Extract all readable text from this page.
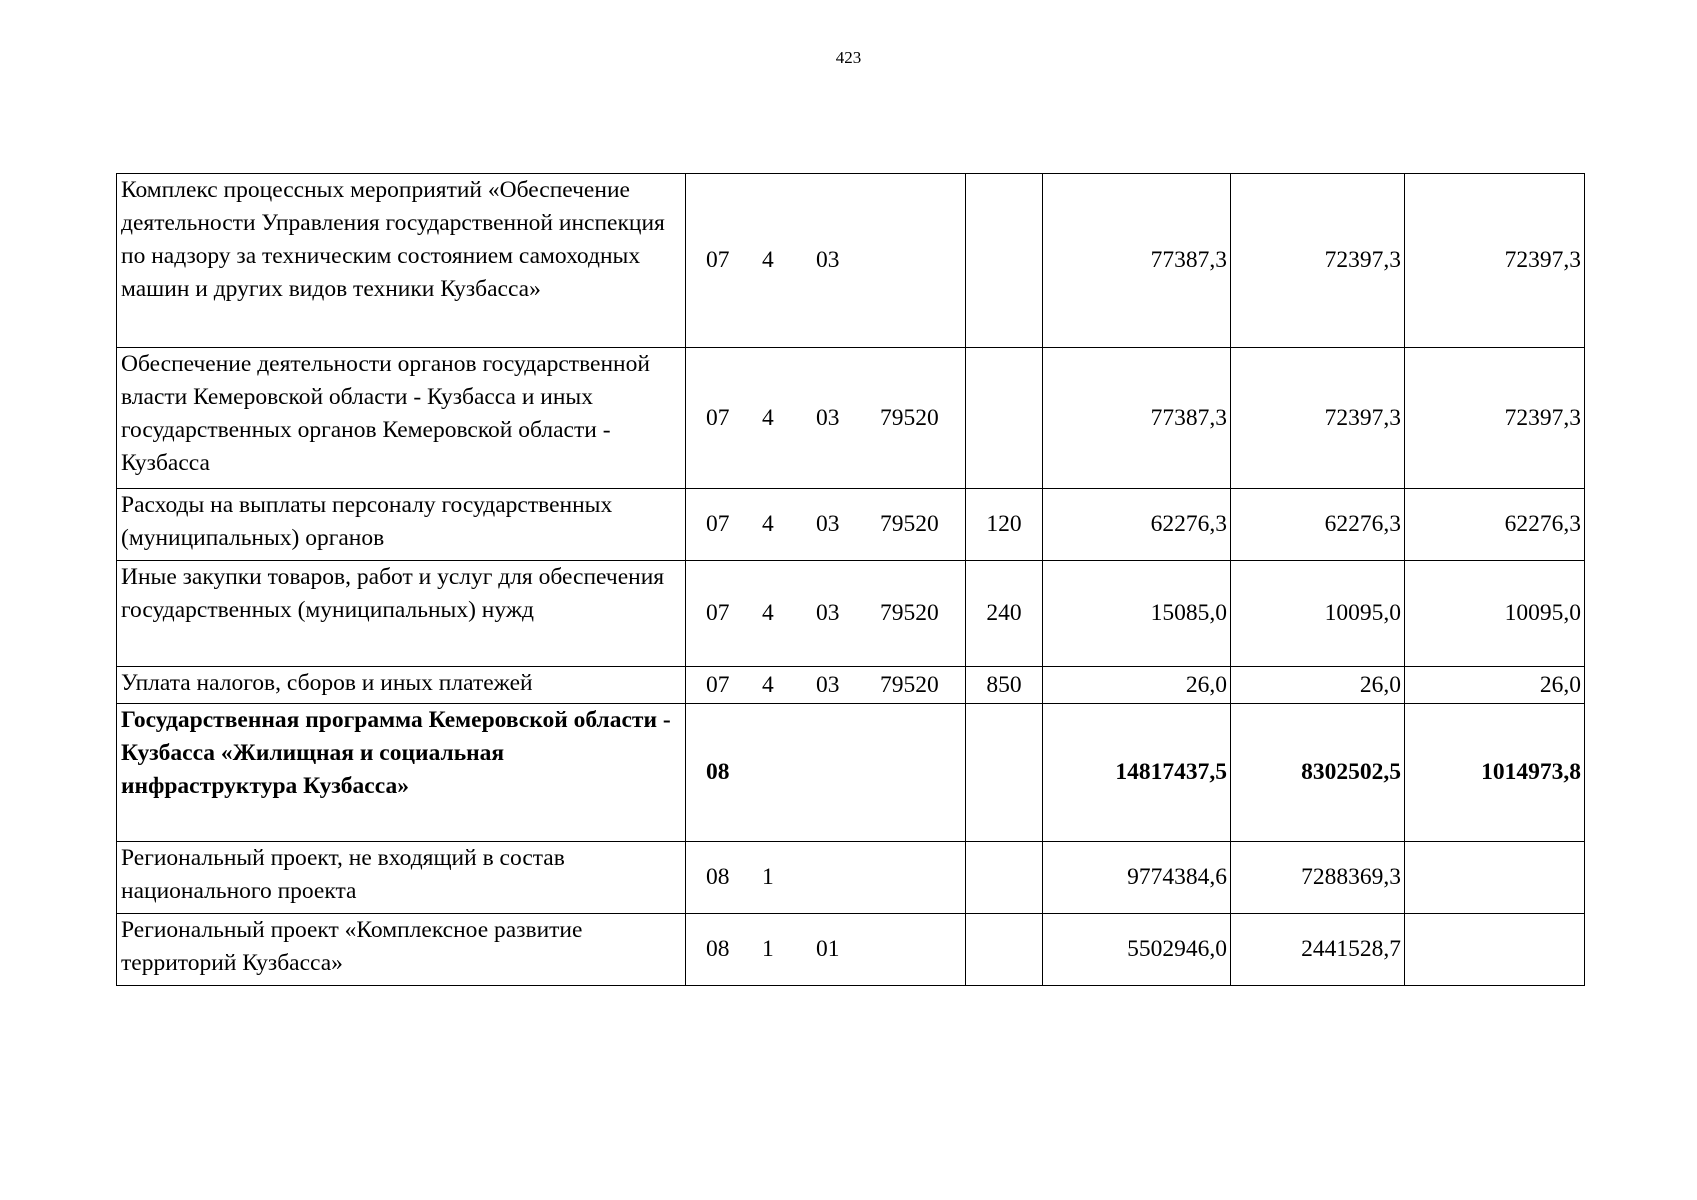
423
Комплекс процессных мероприятий «Обеспечение деятельности Управления государственной инспекция по надзору за техническим состоянием самоходных машин и других видов техники Кузбасса»	07 4 03		77387,3	72397,3	72397,3
Обеспечение деятельности органов государственной власти Кемеровской области - Кузбасса и иных государственных органов Кемеровской области - Кузбасса	07 4 03 79520		77387,3	72397,3	72397,3
Расходы на выплаты персоналу государственных (муниципальных) органов	07 4 03 79520	120	62276,3	62276,3	62276,3
Иные закупки товаров, работ и услуг для обеспечения государственных (муниципальных) нужд	07 4 03 79520	240	15085,0	10095,0	10095,0
Уплата налогов, сборов и иных платежей	07 4 03 79520	850	26,0	26,0	26,0
Государственная программа Кемеровской области - Кузбасса «Жилищная и социальная инфраструктура Кузбасса»	08		14817437,5	8302502,5	1014973,8
Региональный проект, не входящий в состав национального проекта	08 1		9774384,6	7288369,3	
Региональный проект «Комплексное развитие территорий Кузбасса»	08 1 01		5502946,0	2441528,7	
